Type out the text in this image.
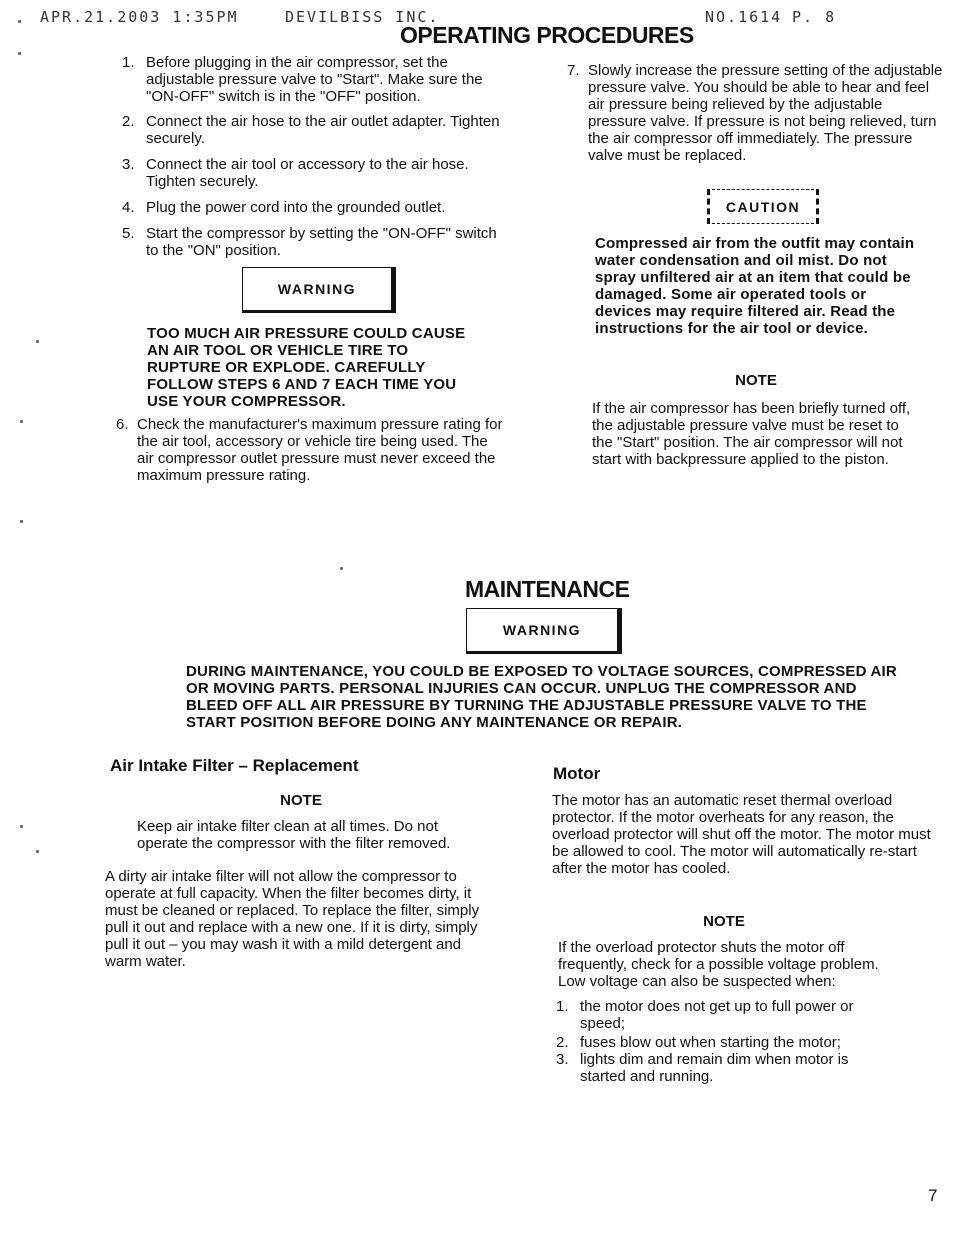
APR.21.2003 1:35PM	DEVILBISS INC.	NO.1614 P. 8
OPERATING PROCEDURES
1. Before plugging in the air compressor, set the adjustable pressure valve to "Start". Make sure the "ON-OFF" switch is in the "OFF" position.
2. Connect the air hose to the air outlet adapter. Tighten securely.
3. Connect the air tool or accessory to the air hose. Tighten securely.
4. Plug the power cord into the grounded outlet.
5. Start the compressor by setting the "ON-OFF" switch to the "ON" position.
WARNING
TOO MUCH AIR PRESSURE COULD CAUSE AN AIR TOOL OR VEHICLE TIRE TO RUPTURE OR EXPLODE. CAREFULLY FOLLOW STEPS 6 AND 7 EACH TIME YOU USE YOUR COMPRESSOR.
6. Check the manufacturer's maximum pressure rating for the air tool, accessory or vehicle tire being used. The air compressor outlet pressure must never exceed the maximum pressure rating.
7. Slowly increase the pressure setting of the adjustable pressure valve. You should be able to hear and feel air pressure being relieved by the adjustable pressure valve. If pressure is not being relieved, turn the air compressor off immediately. The pressure valve must be replaced.
CAUTION
Compressed air from the outfit may contain water condensation and oil mist. Do not spray unfiltered air at an item that could be damaged. Some air operated tools or devices may require filtered air. Read the instructions for the air tool or device.
NOTE
If the air compressor has been briefly turned off, the adjustable pressure valve must be reset to the "Start" position. The air compressor will not start with backpressure applied to the piston.
MAINTENANCE
WARNING
DURING MAINTENANCE, YOU COULD BE EXPOSED TO VOLTAGE SOURCES, COMPRESSED AIR OR MOVING PARTS. PERSONAL INJURIES CAN OCCUR. UNPLUG THE COMPRESSOR AND BLEED OFF ALL AIR PRESSURE BY TURNING THE ADJUSTABLE PRESSURE VALVE TO THE START POSITION BEFORE DOING ANY MAINTENANCE OR REPAIR.
Air Intake Filter – Replacement
NOTE
Keep air intake filter clean at all times. Do not operate the compressor with the filter removed.
A dirty air intake filter will not allow the compressor to operate at full capacity. When the filter becomes dirty, it must be cleaned or replaced. To replace the filter, simply pull it out and replace with a new one. If it is dirty, simply pull it out – you may wash it with a mild detergent and warm water.
Motor
The motor has an automatic reset thermal overload protector. If the motor overheats for any reason, the overload protector will shut off the motor. The motor must be allowed to cool. The motor will automatically re-start after the motor has cooled.
NOTE
If the overload protector shuts the motor off frequently, check for a possible voltage problem. Low voltage can also be suspected when:
1. the motor does not get up to full power or speed;
2. fuses blow out when starting the motor;
3. lights dim and remain dim when motor is started and running.
7
